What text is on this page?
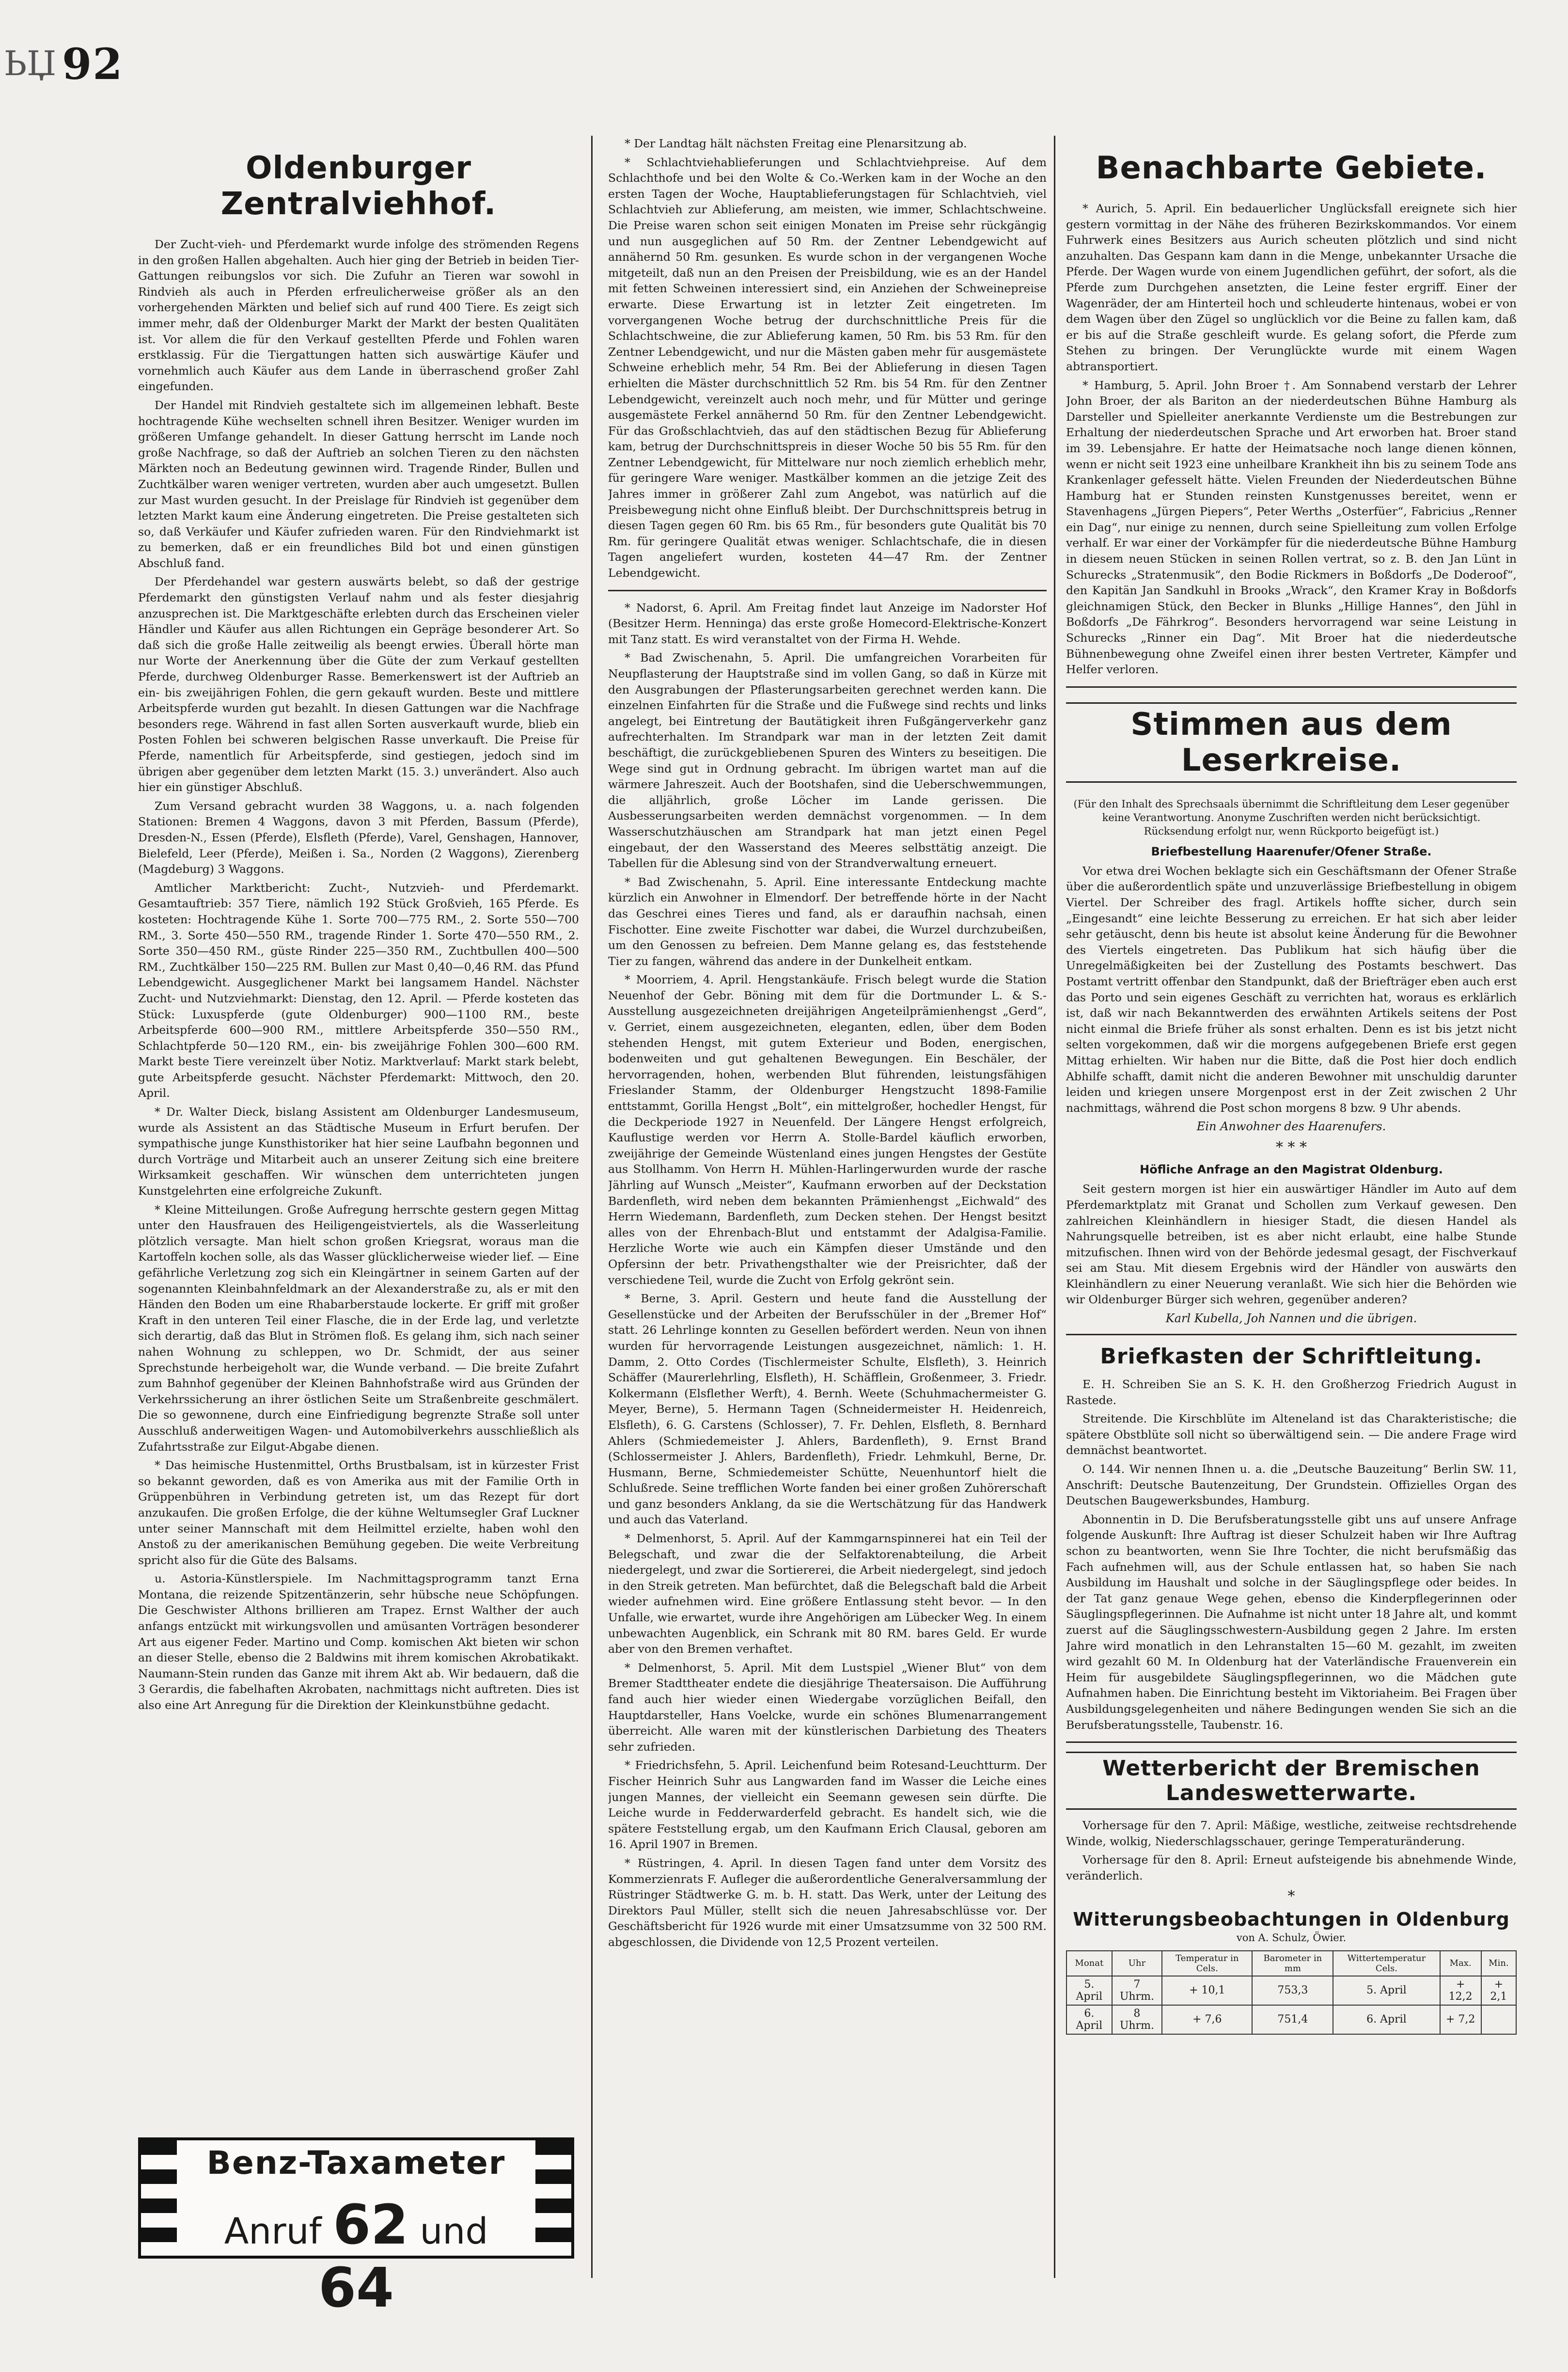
ЬЏ 92
Oldenburger Zentralviehhof.

Der Zucht-vieh- und Pferdemarkt wurde infolge des strömenden Regens in den großen Hallen abgehalten. Auch hier ging der Betrieb in beiden Tier-Gattungen reibungslos vor sich. Die Zufuhr an Tieren war sowohl in Rindvieh als auch in Pferden erfreulicherweise größer als an den vorhergehenden Märkten und belief sich auf rund 400 Tiere. Es zeigt sich immer mehr, daß der Oldenburger Markt der Markt der besten Qualitäten ist. Vor allem die für den Verkauf gestellten Pferde und Fohlen waren erstklassig. Für die Tiergattungen hatten sich auswärtige Käufer und vornehmlich auch Käufer aus dem Lande in überraschend großer Zahl eingefunden.

Der Handel mit Rindvieh gestaltete sich im allgemeinen lebhaft. Beste hochtragende Kühe wechselten schnell ihren Besitzer. Weniger wurden im größeren Umfange gehandelt. In dieser Gattung herrscht im Lande noch große Nachfrage, so daß der Auftrieb an solchen Tieren zu den nächsten Märkten noch an Bedeutung gewinnen wird. Tragende Rinder, Bullen und Zuchtkälber waren weniger vertreten, wurden aber auch umgesetzt. Bullen zur Mast wurden gesucht. In der Preislage für Rindvieh ist gegenüber dem letzten Markt kaum eine Änderung eingetreten. Die Preise gestalteten sich so, daß Verkäufer und Käufer zufrieden waren. Für den Rindviehmarkt ist zu bemerken, daß er ein freundliches Bild bot und einen günstigen Abschluß fand.

Der Pferdehandel war gestern auswärts belebt, so daß der gestrige Pferdemarkt den günstigsten Verlauf nahm und als fester diesjahrig anzusprechen ist. Die Marktgeschäfte erlebten durch das Erscheinen vieler Händler und Käufer aus allen Richtungen ein Gepräge besonderer Art. So daß sich die große Halle zeitweilig als beengt erwies. Überall hörte man nur Worte der Anerkennung über die Güte der zum Verkauf gestellten Pferde, durchweg Oldenburger Rasse. Bemerkenswert ist der Auftrieb an ein- bis zweijährigen Fohlen, die gern gekauft wurden. Beste und mittlere Arbeitspferde wurden gut bezahlt. In diesen Gattungen war die Nachfrage besonders rege. Während in fast allen Sorten ausverkauft wurde, blieb ein Posten Fohlen bei schweren belgischen Rasse unverkauft. Die Preise für Pferde, namentlich für Arbeitspferde, sind gestiegen, jedoch sind im übrigen aber gegenüber dem letzten Markt (15. 3.) unverändert. Also auch hier ein günstiger Abschluß.

Zum Versand gebracht wurden 38 Waggons, u. a. nach folgenden Stationen: Bremen 4 Waggons, davon 3 mit Pferden, Bassum (Pferde), Dresden-N., Essen (Pferde), Elsfleth (Pferde), Varel, Genshagen, Hannover, Bielefeld, Leer (Pferde), Meißen i. Sa., Norden (2 Waggons), Zierenberg (Magdeburg) 3 Waggons.

Amtlicher Marktbericht: Zucht-, Nutzvieh- und Pferdemarkt. Gesamtauftrieb: 357 Tiere, nämlich 192 Stück Großvieh, 165 Pferde. Es kosteten: Hochtragende Kühe 1. Sorte 700—775 RM., 2. Sorte 550—700 RM., 3. Sorte 450—550 RM., tragende Rinder 1. Sorte 470—550 RM., 2. Sorte 350—450 RM., güste Rinder 225—350 RM., Zuchtbullen 400—500 RM., Zuchtkälber 150—225 RM. Bullen zur Mast 0,40—0,46 RM. das Pfund Lebendgewicht. Ausgeglichener Markt bei langsamem Handel. Nächster Zucht- und Nutzviehmarkt: Dienstag, den 12. April. — Pferde kosteten das Stück: Luxuspferde (gute Oldenburger) 900—1100 RM., beste Arbeitspferde 600—900 RM., mittlere Arbeitspferde 350—550 RM., Schlachtpferde 50—120 RM., ein- bis zweijährige Fohlen 300—600 RM. Markt beste Tiere vereinzelt über Notiz. Marktverlauf: Markt stark belebt, gute Arbeitspferde gesucht. Nächster Pferdemarkt: Mittwoch, den 20. April.

* Dr. Walter Dieck, bislang Assistent am Oldenburger Landesmuseum, wurde als Assistent an das Städtische Museum in Erfurt berufen. Der sympathische junge Kunsthistoriker hat hier seine Laufbahn begonnen und durch Vorträge und Mitarbeit auch an unserer Zeitung sich eine breitere Wirksamkeit geschaffen. Wir wünschen dem unterrichteten jungen Kunstgelehrten eine erfolgreiche Zukunft.

* Kleine Mitteilungen. Große Aufregung herrschte gestern gegen Mittag unter den Hausfrauen des Heiligengeistviertels, als die Wasserleitung plötzlich versagte. Man hielt schon großen Kriegsrat, woraus man die Kartoffeln kochen solle, als das Wasser glücklicherweise wieder lief. — Eine gefährliche Verletzung zog sich ein Kleingärtner in seinem Garten auf der sogenannten Kleinbahnfeldmark an der Alexanderstraße zu, als er mit den Händen den Boden um eine Rhabarberstaude lockerte. Er griff mit großer Kraft in den unteren Teil einer Flasche, die in der Erde lag, und verletzte sich derartig, daß das Blut in Strömen floß. Es gelang ihm, sich nach seiner nahen Wohnung zu schleppen, wo Dr. Schmidt, der aus seiner Sprechstunde herbeigeholt war, die Wunde verband. — Die breite Zufahrt zum Bahnhof gegenüber der Kleinen Bahnhofstraße wird aus Gründen der Verkehrssicherung an ihrer östlichen Seite um Straßenbreite geschmälert. Die so gewonnene, durch eine Einfriedigung begrenzte Straße soll unter Ausschluß anderweitigen Wagen- und Automobilverkehrs ausschließlich als Zufahrtsstraße zur Eilgut-Abgabe dienen.

* Das heimische Hustenmittel, Orths Brustbalsam, ist in kürzester Frist so bekannt geworden, daß es von Amerika aus mit der Familie Orth in Grüppenbühren in Verbindung getreten ist, um das Rezept für dort anzukaufen. Die großen Erfolge, die der kühne Weltumsegler Graf Luckner unter seiner Mannschaft mit dem Heilmittel erzielte, haben wohl den Anstoß zu der amerikanischen Bemühung gegeben. Die weite Verbreitung spricht also für die Güte des Balsams.

u. Astoria-Künstlerspiele. Im Nachmittagsprogramm tanzt Erna Montana, die reizende Spitzentänzerin, sehr hübsche neue Schöpfungen. Die Geschwister Althons brillieren am Trapez. Ernst Walther der auch anfangs entzückt mit wirkungsvollen und amüsanten Vorträgen besonderer Art aus eigener Feder. Martino und Comp. komischen Akt bieten wir schon an dieser Stelle, ebenso die 2 Baldwins mit ihrem komischen Akrobatikakt. Naumann-Stein runden das Ganze mit ihrem Akt ab. Wir bedauern, daß die 3 Gerardis, die fabelhaften Akrobaten, nachmittags nicht auftreten. Dies ist also eine Art Anregung für die Direktion der Kleinkunstbühne gedacht.

Benz-Taxameter
Anruf 62 und 64

* Der Landtag hält nächsten Freitag eine Plenarsitzung ab.

* Schlachtviehablieferungen und Schlachtviehpreise. Auf dem Schlachthofe und bei den Wolte & Co.-Werken kam in der Woche an den ersten Tagen der Woche, Hauptablieferungstagen für Schlachtvieh, viel Schlachtvieh zur Ablieferung, am meisten, wie immer, Schlachtschweine. Die Preise waren schon seit einigen Monaten im Preise sehr rückgängig und nun ausgeglichen auf 50 Rm. der Zentner Lebendgewicht auf annähernd 50 Rm. gesunken. Es wurde schon in der vergangenen Woche mitgeteilt, daß nun an den Preisen der Preisbildung, wie es an der Handel mit fetten Schweinen interessiert sind, ein Anziehen der Schweinepreise erwarte. Diese Erwartung ist in letzter Zeit eingetreten. Im vorvergangenen Woche betrug der durchschnittliche Preis für die Schlachtschweine, die zur Ablieferung kamen, 50 Rm. bis 53 Rm. für den Zentner Lebendgewicht, und nur die Mästen gaben mehr für ausgemästete Schweine erheblich mehr, 54 Rm. Bei der Ablieferung in diesen Tagen erhielten die Mäster durchschnittlich 52 Rm. bis 54 Rm. für den Zentner Lebendgewicht, vereinzelt auch noch mehr, und für Mütter und geringe ausgemästete Ferkel annähernd 50 Rm. für den Zentner Lebendgewicht. Für das Großschlachtvieh, das auf den städtischen Bezug für Ablieferung kam, betrug der Durchschnittspreis in dieser Woche 50 bis 55 Rm. für den Zentner Lebendgewicht, für Mittelware nur noch ziemlich erheblich mehr, für geringere Ware weniger. Mastkälber kommen an die jetzige Zeit des Jahres immer in größerer Zahl zum Angebot, was natürlich auf die Preisbewegung nicht ohne Einfluß bleibt. Der Durchschnittspreis betrug in diesen Tagen gegen 60 Rm. bis 65 Rm., für besonders gute Qualität bis 70 Rm. für geringere Qualität etwas weniger. Schlachtschafe, die in diesen Tagen angeliefert wurden, kosteten 44—47 Rm. der Zentner Lebendgewicht.

* Nadorst, 6. April. Am Freitag findet laut Anzeige im Nadorster Hof (Besitzer Herm. Henninga) das erste große Homecord-Elektrische-Konzert mit Tanz statt. Es wird veranstaltet von der Firma H. Wehde.

* Bad Zwischenahn, 5. April. Die umfangreichen Vorarbeiten für Neupflasterung der Hauptstraße sind im vollen Gang, so daß in Kürze mit den Ausgrabungen der Pflasterungsarbeiten gerechnet werden kann. Die einzelnen Einfahrten für die Straße und die Fußwege sind rechts und links angelegt, bei Eintretung der Bautätigkeit ihren Fußgängerverkehr ganz aufrechterhalten. Im Strandpark war man in der letzten Zeit damit beschäftigt, die zurückgebliebenen Spuren des Winters zu beseitigen. Die Wege sind gut in Ordnung gebracht. Im übrigen wartet man auf die wärmere Jahreszeit. Auch der Bootshafen, sind die Ueberschwemmungen, die alljährlich, große Löcher im Lande gerissen. Die Ausbesserungsarbeiten werden demnächst vorgenommen. — In dem Wasserschutzhäuschen am Strandpark hat man jetzt einen Pegel eingebaut, der den Wasserstand des Meeres selbsttätig anzeigt. Die Tabellen für die Ablesung sind von der Strandverwaltung erneuert.

* Bad Zwischenahn, 5. April. Eine interessante Entdeckung machte kürzlich ein Anwohner in Elmendorf. Der betreffende hörte in der Nacht das Geschrei eines Tieres und fand, als er daraufhin nachsah, einen Fischotter. Eine zweite Fischotter war dabei, die Wurzel durchzubeißen, um den Genossen zu befreien. Dem Manne gelang es, das feststehende Tier zu fangen, während das andere in der Dunkelheit entkam.

* Moorriem, 4. April. Hengstankäufe. Frisch belegt wurde die Station Neuenhof der Gebr. Böning mit dem für die Dortmunder L. & S.-Ausstellung ausgezeichneten dreijährigen Angeteilprämienhengst „Gerd“, v. Gerriet, einem ausgezeichneten, eleganten, edlen, über dem Boden stehenden Hengst, mit gutem Exterieur und Boden, energischen, bodenweiten und gut gehaltenen Bewegungen. Ein Beschäler, der hervorragenden, hohen, werbenden Blut führenden, leistungsfähigen Frieslander Stamm, der Oldenburger Hengstzucht 1898-Familie enttstammt, Gorilla Hengst „Bolt“, ein mittelgroßer, hochedler Hengst, für die Deckperiode 1927 in Neuenfeld. Der Längere Hengst erfolgreich, Kauflustige werden vor Herrn A. Stolle-Bardel käuflich erworben, zweijährige der Gemeinde Wüstenland eines jungen Hengstes der Gestüte aus Stollhamm. Von Herrn H. Mühlen-Harlingerwurden wurde der rasche Jährling auf Wunsch „Meister“, Kaufmann erworben auf der Deckstation Bardenfleth, wird neben dem bekannten Prämienhengst „Eichwald“ des Herrn Wiedemann, Bardenfleth, zum Decken stehen. Der Hengst besitzt alles von der Ehrenbach-Blut und entstammt der Adalgisa-Familie. Herzliche Worte wie auch ein Kämpfen dieser Umstände und den Opfersinn der betr. Privathengsthalter wie der Preisrichter, daß der verschiedene Teil, wurde die Zucht von Erfolg gekrönt sein.

* Berne, 3. April. Gestern und heute fand die Ausstellung der Gesellenstücke und der Arbeiten der Berufsschüler in der „Bremer Hof“ statt. 26 Lehrlinge konnten zu Gesellen befördert werden. Neun von ihnen wurden für hervorragende Leistungen ausgezeichnet, nämlich: 1. H. Damm, 2. Otto Cordes (Tischlermeister Schulte, Elsfleth), 3. Heinrich Schäffer (Maurerlehrling, Elsfleth), H. Schäfflein, Großenmeer, 3. Friedr. Kolkermann (Elsflether Werft), 4. Bernh. Weete (Schuhmachermeister G. Meyer, Berne), 5. Hermann Tagen (Schneidermeister H. Heidenreich, Elsfleth), 6. G. Carstens (Schlosser), 7. Fr. Dehlen, Elsfleth, 8. Bernhard Ahlers (Schmiedemeister J. Ahlers, Bardenfleth), 9. Ernst Brand (Schlossermeister J. Ahlers, Bardenfleth), Friedr. Lehmkuhl, Berne, Dr. Husmann, Berne, Schmiedemeister Schütte, Neuenhuntorf hielt die Schlußrede. Seine trefflichen Worte fanden bei einer großen Zuhörerschaft und ganz besonders Anklang, da sie die Wertschätzung für das Handwerk und auch das Vaterland.

* Delmenhorst, 5. April. Auf der Kammgarnspinnerei hat ein Teil der Belegschaft, und zwar die der Selfaktorenabteilung, die Arbeit niedergelegt, und zwar die Sortiererei, die Arbeit niedergelegt, sind jedoch in den Streik getreten. Man befürchtet, daß die Belegschaft bald die Arbeit wieder aufnehmen wird. Eine größere Entlassung steht bevor. — In den Unfalle, wie erwartet, wurde ihre Angehörigen am Lübecker Weg. In einem unbewachten Augenblick, ein Schrank mit 80 RM. bares Geld. Er wurde aber von den Bremen verhaftet.

* Delmenhorst, 5. April. Mit dem Lustspiel „Wiener Blut“ von dem Bremer Stadttheater endete die diesjährige Theatersaison. Die Aufführung fand auch hier wieder einen Wiedergabe vorzüglichen Beifall, den Hauptdarsteller, Hans Voelcke, wurde ein schönes Blumenarrangement überreicht. Alle waren mit der künstlerischen Darbietung des Theaters sehr zufrieden.

* Friedrichsfehn, 5. April. Leichenfund beim Rotesand-Leuchtturm. Der Fischer Heinrich Suhr aus Langwarden fand im Wasser die Leiche eines jungen Mannes, der vielleicht ein Seemann gewesen sein dürfte. Die Leiche wurde in Fedderwarderfeld gebracht. Es handelt sich, wie die spätere Feststellung ergab, um den Kaufmann Erich Clausal, geboren am 16. April 1907 in Bremen.

* Rüstringen, 4. April. In diesen Tagen fand unter dem Vorsitz des Kommerzienrats F. Aufleger die außerordentliche Generalversammlung der Rüstringer Städtwerke G. m. b. H. statt. Das Werk, unter der Leitung des Direktors Paul Müller, stellt sich die neuen Jahresabschlüsse vor. Der Geschäftsbericht für 1926 wurde mit einer Umsatzsumme von 32 500 RM. abgeschlossen, die Dividende von 12,5 Prozent verteilen.

Benachbarte Gebiete.

* Aurich, 5. April. Ein bedauerlicher Unglücksfall ereignete sich hier gestern vormittag in der Nähe des früheren Bezirkskommandos. Vor einem Fuhrwerk eines Besitzers aus Aurich scheuten plötzlich und sind nicht anzuhalten. Das Gespann kam dann in die Menge, unbekannter Ursache die Pferde. Der Wagen wurde von einem Jugendlichen geführt, der sofort, als die Pferde zum Durchgehen ansetzten, die Leine fester ergriff. Einer der Wagenräder, der am Hinterteil hoch und schleuderte hintenaus, wobei er von dem Wagen über den Zügel so unglücklich vor die Beine zu fallen kam, daß er bis auf die Straße geschleift wurde. Es gelang sofort, die Pferde zum Stehen zu bringen. Der Verunglückte wurde mit einem Wagen abtransportiert.

* Hamburg, 5. April. John Broer †. Am Sonnabend verstarb der Lehrer John Broer, der als Bariton an der niederdeutschen Bühne Hamburg als Darsteller und Spielleiter anerkannte Verdienste um die Bestrebungen zur Erhaltung der niederdeutschen Sprache und Art erworben hat. Broer stand im 39. Lebensjahre. Er hatte der Heimatsache noch lange dienen können, wenn er nicht seit 1923 eine unheilbare Krankheit ihn bis zu seinem Tode ans Krankenlager gefesselt hätte. Vielen Freunden der Niederdeutschen Bühne Hamburg hat er Stunden reinsten Kunstgenusses bereitet, wenn er Stavenhagens „Jürgen Piepers“, Peter Werths „Osterfüer“, Fabricius „Renner ein Dag“, nur einige zu nennen, durch seine Spielleitung zum vollen Erfolge verhalf. Er war einer der Vorkämpfer für die niederdeutsche Bühne Hamburg in diesem neuen Stücken in seinen Rollen vertrat, so z. B. den Jan Lünt in Schurecks „Stratenmusik“, den Bodie Rickmers in Boßdorfs „De Doderoof“, den Kapitän Jan Sandkuhl in Brooks „Wrack“, den Kramer Kray in Boßdorfs gleichnamigen Stück, den Becker in Blunks „Hillige Hannes“, den Jühl in Boßdorfs „De Fährkrog“. Besonders hervorragend war seine Leistung in Schurecks „Rinner ein Dag“. Mit Broer hat die niederdeutsche Bühnenbewegung ohne Zweifel einen ihrer besten Vertreter, Kämpfer und Helfer verloren.

Stimmen aus dem Leserkreise.

(Für den Inhalt des Sprechsaals übernimmt die Schriftleitung dem Leser gegenüber keine Verantwortung. Anonyme Zuschriften werden nicht berücksichtigt. Rücksendung erfolgt nur, wenn Rückporto beigefügt ist.)

Briefbestellung Haarenufer/Ofener Straße.

Vor etwa drei Wochen beklagte sich ein Geschäftsmann der Ofener Straße über die außerordentlich späte und unzuverlässige Briefbestellung in obigem Viertel. Der Schreiber des fragl. Artikels hoffte sicher, durch sein „Eingesandt“ eine leichte Besserung zu erreichen. Er hat sich aber leider sehr getäuscht, denn bis heute ist absolut keine Änderung für die Bewohner des Viertels eingetreten. Das Publikum hat sich häufig über die Unregelmäßigkeiten bei der Zustellung des Postamts beschwert. Das Postamt vertritt offenbar den Standpunkt, daß der Briefträger eben auch erst das Porto und sein eigenes Geschäft zu verrichten hat, woraus es erklärlich ist, daß wir nach Bekanntwerden des erwähnten Artikels seitens der Post nicht einmal die Briefe früher als sonst erhalten. Denn es ist bis jetzt nicht selten vorgekommen, daß wir die morgens aufgegebenen Briefe erst gegen Mittag erhielten. Wir haben nur die Bitte, daß die Post hier doch endlich Abhilfe schafft, damit nicht die anderen Bewohner mit unschuldig darunter leiden und kriegen unsere Morgenpost erst in der Zeit zwischen 2 Uhr nachmittags, während die Post schon morgens 8 bzw. 9 Uhr abends.

Ein Anwohner des Haarenufers.
* * *
Höfliche Anfrage an den Magistrat Oldenburg.

Seit gestern morgen ist hier ein auswärtiger Händler im Auto auf dem Pferdemarktplatz mit Granat und Schollen zum Verkauf gewesen. Den zahlreichen Kleinhändlern in hiesiger Stadt, die diesen Handel als Nahrungsquelle betreiben, ist es aber nicht erlaubt, eine halbe Stunde mitzufischen. Ihnen wird von der Behörde jedesmal gesagt, der Fischverkauf sei am Stau. Mit diesem Ergebnis wird der Händler von auswärts den Kleinhändlern zu einer Neuerung veranlaßt. Wie sich hier die Behörden wie wir Oldenburger Bürger sich wehren, gegenüber anderen?

Karl Kubella, Joh Nannen und die übrigen.
Briefkasten der Schriftleitung.

E. H. Schreiben Sie an S. K. H. den Großherzog Friedrich August in Rastede.

Streitende. Die Kirschblüte im Alteneland ist das Charakteristische; die spätere Obstblüte soll nicht so überwältigend sein. — Die andere Frage wird demnächst beantwortet.

O. 144. Wir nennen Ihnen u. a. die „Deutsche Bauzeitung“ Berlin SW. 11, Anschrift: Deutsche Bautenzeitung, Der Grundstein. Offizielles Organ des Deutschen Baugewerksbundes, Hamburg.

Abonnentin in D. Die Berufsberatungsstelle gibt uns auf unsere Anfrage folgende Auskunft: Ihre Auftrag ist dieser Schulzeit haben wir Ihre Auftrag schon zu beantworten, wenn Sie Ihre Tochter, die nicht berufsmäßig das Fach aufnehmen will, aus der Schule entlassen hat, so haben Sie nach Ausbildung im Haushalt und solche in der Säuglingspflege oder beides. In der Tat ganz genaue Wege gehen, ebenso die Kinderpflegerinnen oder Säuglingspflegerinnen. Die Aufnahme ist nicht unter 18 Jahre alt, und kommt zuerst auf die Säuglingsschwestern-Ausbildung gegen 2 Jahre. Im ersten Jahre wird monatlich in den Lehranstalten 15—60 M. gezahlt, im zweiten wird gezahlt 60 M. In Oldenburg hat der Vaterländische Frauenverein ein Heim für ausgebildete Säuglingspflegerinnen, wo die Mädchen gute Aufnahmen haben. Die Einrichtung besteht im Viktoriaheim. Bei Fragen über Ausbildungsgelegenheiten und nähere Bedingungen wenden Sie sich an die Berufsberatungsstelle, Taubenstr. 16.

Wetterbericht der Bremischen Landeswetterwarte.

Vorhersage für den 7. April: Mäßige, westliche, zeitweise rechtsdrehende Winde, wolkig, Niederschlagsschauer, geringe Temperaturänderung.

Vorhersage für den 8. April: Erneut aufsteigende bis abnehmende Winde, veränderlich.

*
Witterungsbeobachtungen in Oldenburg

von A. Schulz, Öwier.

Monat	Uhr	Temperatur in Cels.	Barometer in mm	Wittertemperatur Cels.	Max.	Min.
5. April	7 Uhrm.	+ 10,1	753,3	5. April	+ 12,2	+ 2,1
6. April	8 Uhrm.	+ 7,6	751,4	6. April	+ 7,2	
